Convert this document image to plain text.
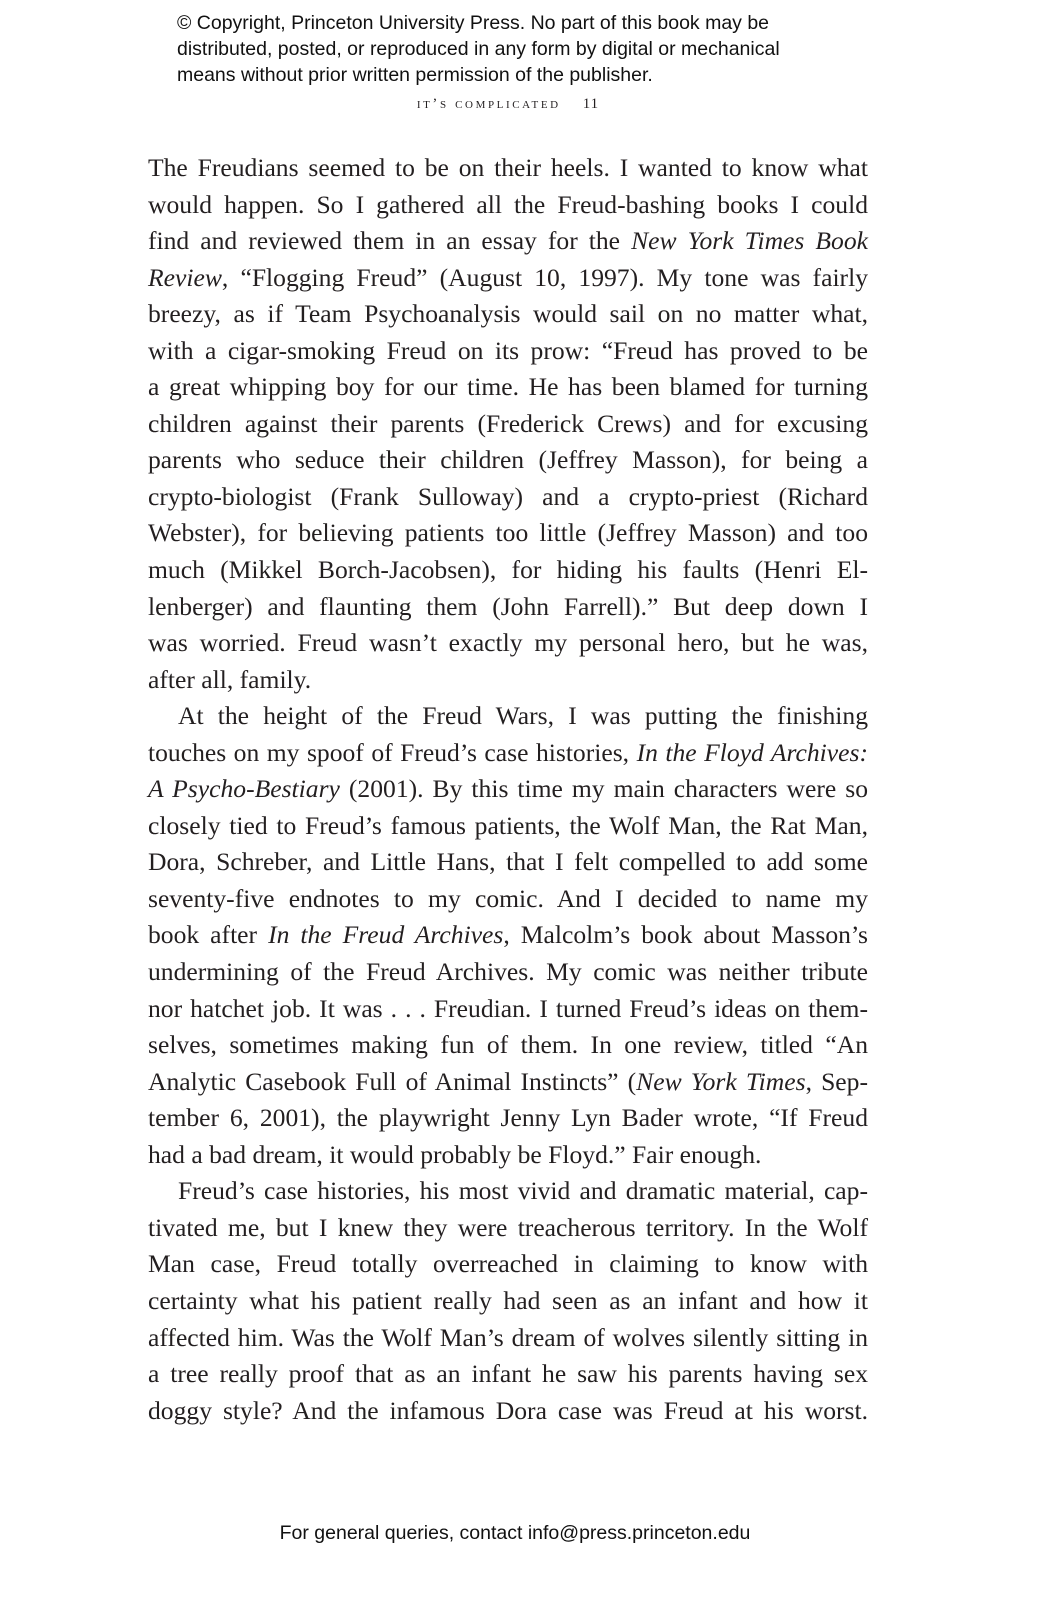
© Copyright, Princeton University Press. No part of this book may be
distributed, posted, or reproduced in any form by digital or mechanical
means without prior written permission of the publisher.
it’s complicated 11
The Freudians seemed to be on their heels. I wanted to know what
would happen. So I gathered all the Freud-bashing books I could
find and reviewed them in an essay for the New York Times Book
Review, “Flogging Freud” (August 10, 1997). My tone was fairly
breezy, as if Team Psychoanalysis would sail on no matter what,
with a cigar-smoking Freud on its prow: “Freud has proved to be
a great whipping boy for our time. He has been blamed for turning
children against their parents (Frederick Crews) and for excusing
parents who seduce their children (Jeffrey Masson), for being a
crypto-biologist (Frank Sulloway) and a crypto-priest (Richard
Webster), for believing patients too little (Jeffrey Masson) and too
much (Mikkel Borch-Jacobsen), for hiding his faults (Henri El-
lenberger) and flaunting them (John Farrell).” But deep down I
was worried. Freud wasn’t exactly my personal hero, but he was,
after all, family.
At the height of the Freud Wars, I was putting the finishing
touches on my spoof of Freud’s case histories, In the Floyd Archives:
A Psycho-Bestiary (2001). By this time my main characters were so
closely tied to Freud’s famous patients, the Wolf Man, the Rat Man,
Dora, Schreber, and Little Hans, that I felt compelled to add some
seventy-five endnotes to my comic. And I decided to name my
book after In the Freud Archives, Malcolm’s book about Masson’s
undermining of the Freud Archives. My comic was neither tribute
nor hatchet job. It was . . . Freudian. I turned Freud’s ideas on them-
selves, sometimes making fun of them. In one review, titled “An
Analytic Casebook Full of Animal Instincts” (New York Times, Sep-
tember 6, 2001), the playwright Jenny Lyn Bader wrote, “If Freud
had a bad dream, it would probably be Floyd.” Fair enough.
Freud’s case histories, his most vivid and dramatic material, cap-
tivated me, but I knew they were treacherous territory. In the Wolf
Man case, Freud totally overreached in claiming to know with
certainty what his patient really had seen as an infant and how it
affected him. Was the Wolf Man’s dream of wolves silently sitting in
a tree really proof that as an infant he saw his parents having sex
doggy style? And the infamous Dora case was Freud at his worst.
For general queries, contact info@press.princeton.edu
